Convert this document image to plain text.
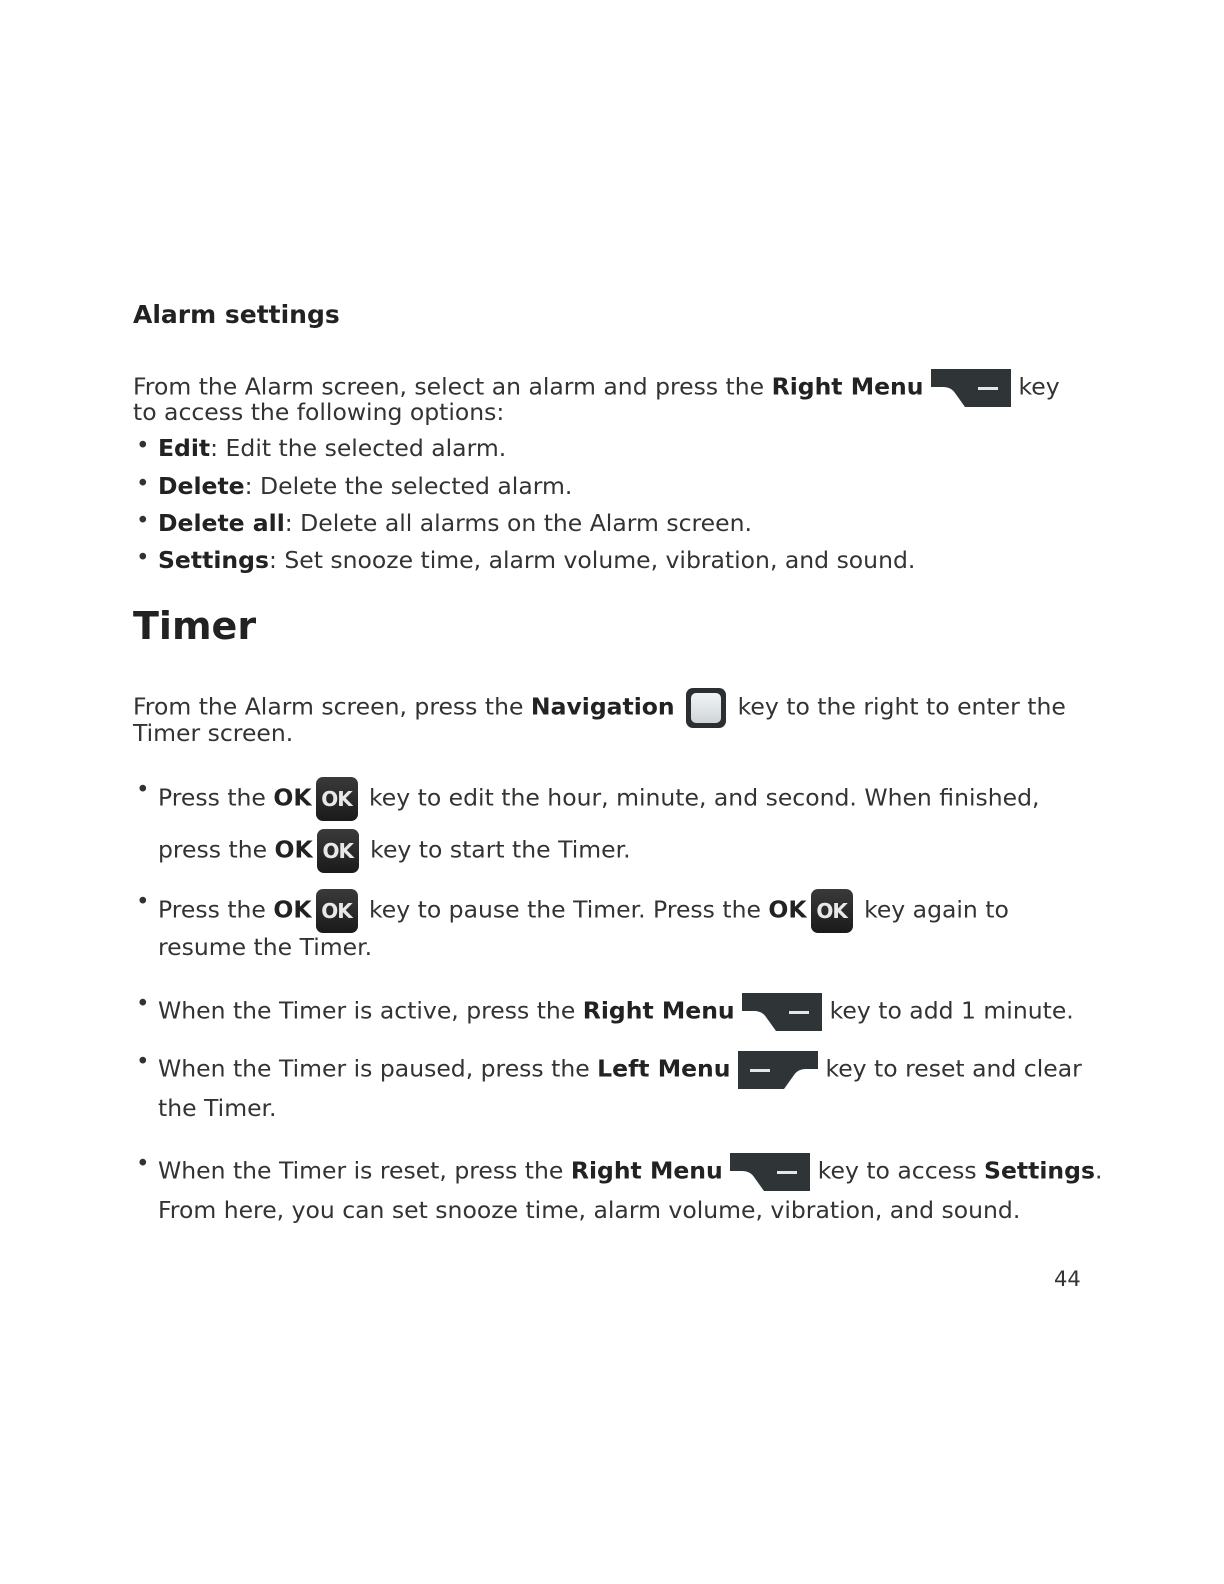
Alarm settings
From the Alarm screen, select an alarm and press the Right Menu	key
to access the following options:
• Edit: Edit the selected alarm.
• Delete: Delete the selected alarm.
• Delete all: Delete all alarms on the Alarm screen.
• Settings: Set snooze time, alarm volume, vibration, and sound.
Timer
From the Alarm screen, press the Navigation  key to the right to enter the
Timer screen.
• Press the OK OK key to edit the hour, minute, and second. When finished,
press the OK OK key to start the Timer.
• Press the OK OK key to pause the Timer. Press the OK OK key again to
resume the Timer.
• When the Timer is active, press the Right Menu	key to add 1 minute.
• When the Timer is paused, press the Left Menu	key to reset and clear
the Timer.
• When the Timer is reset, press the Right Menu	key to access Settings.
From here, you can set snooze time, alarm volume, vibration, and sound.
44
